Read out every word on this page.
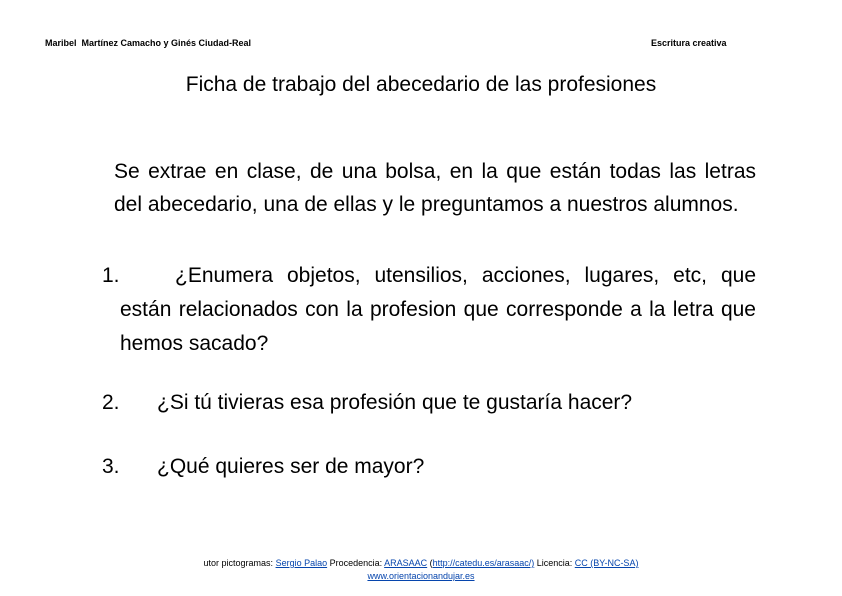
Maribel  Martínez Camacho y Ginés Ciudad-Real	Escritura creativa
Ficha de trabajo del abecedario de las profesiones
Se extrae en clase, de una bolsa, en la que están todas las letras del abecedario, una de ellas y le preguntamos a nuestros alumnos.
1.	¿Enumera objetos, utensilios, acciones, lugares, etc, que están relacionados con la profesion que corresponde a la letra que hemos sacado?
2. ¿Si tú tivieras esa profesión que te gustaría hacer?
3. ¿Qué quieres ser de mayor?
utor pictogramas: Sergio Palao Procedencia: ARASAAC (http://catedu.es/arasaac/) Licencia: CC (BY-NC-SA)
www.orientacionandujar.es
